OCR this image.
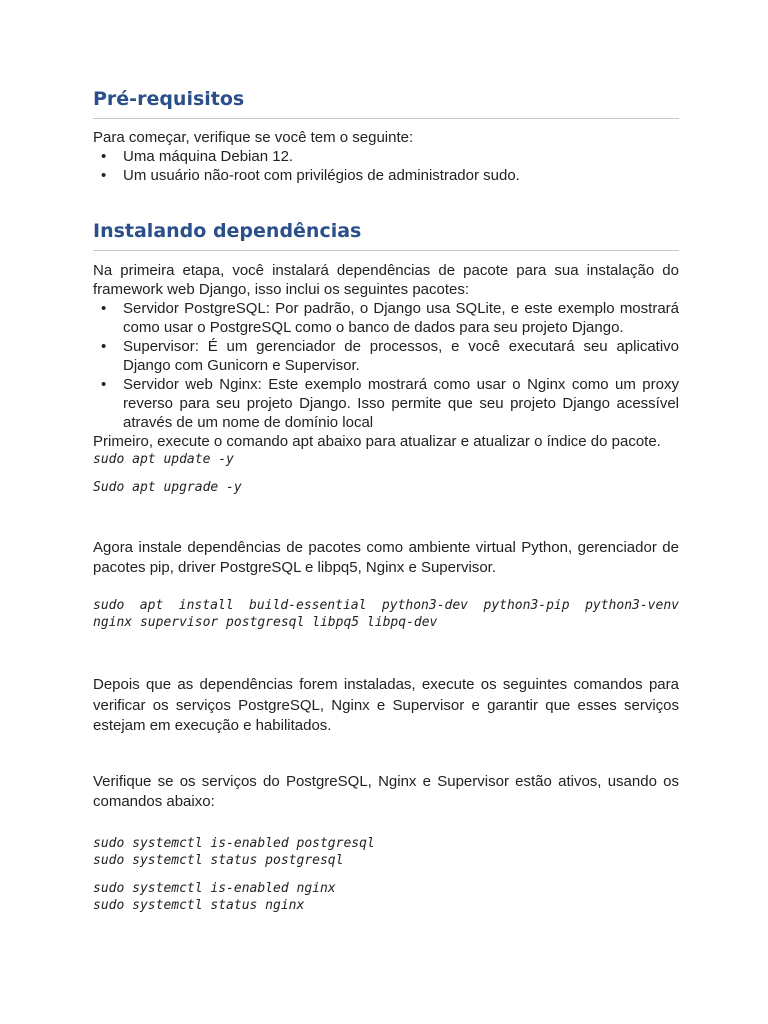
Pré-requisitos

Para começar, verifique se você tem o seguinte:

• Uma máquina Debian 12.
• Um usuário não-root com privilégios de administrador sudo.
Instalando dependências

Na primeira etapa, você instalará dependências de pacote para sua instalação do framework web Django, isso inclui os seguintes pacotes:

• Servidor PostgreSQL: Por padrão, o Django usa SQLite, e este exemplo mostrará como usar o PostgreSQL como o banco de dados para seu projeto Django.
• Supervisor: É um gerenciador de processos, e você executará seu aplicativo Django com Gunicorn e Supervisor.
• Servidor web Nginx: Este exemplo mostrará como usar o Nginx como um proxy reverso para seu projeto Django. Isso permite que seu projeto Django acessível através de um nome de domínio local

Primeiro, execute o comando apt abaixo para atualizar e atualizar o índice do pacote.

sudo apt update -y

Sudo apt upgrade -y

Agora instale dependências de pacotes como ambiente virtual Python, gerenciador de pacotes pip, driver PostgreSQL e libpq5, Nginx e Supervisor.

sudo apt install build-essential python3-dev python3-pip python3-venv nginx supervisor postgresql libpq5 libpq-dev

Depois que as dependências forem instaladas, execute os seguintes comandos para verificar os serviços PostgreSQL, Nginx e Supervisor e garantir que esses serviços estejam em execução e habilitados.

Verifique se os serviços do PostgreSQL, Nginx e Supervisor estão ativos, usando os comandos abaixo:

sudo systemctl is-enabled postgresql

sudo systemctl status postgresql

sudo systemctl is-enabled nginx

sudo systemctl status nginx
